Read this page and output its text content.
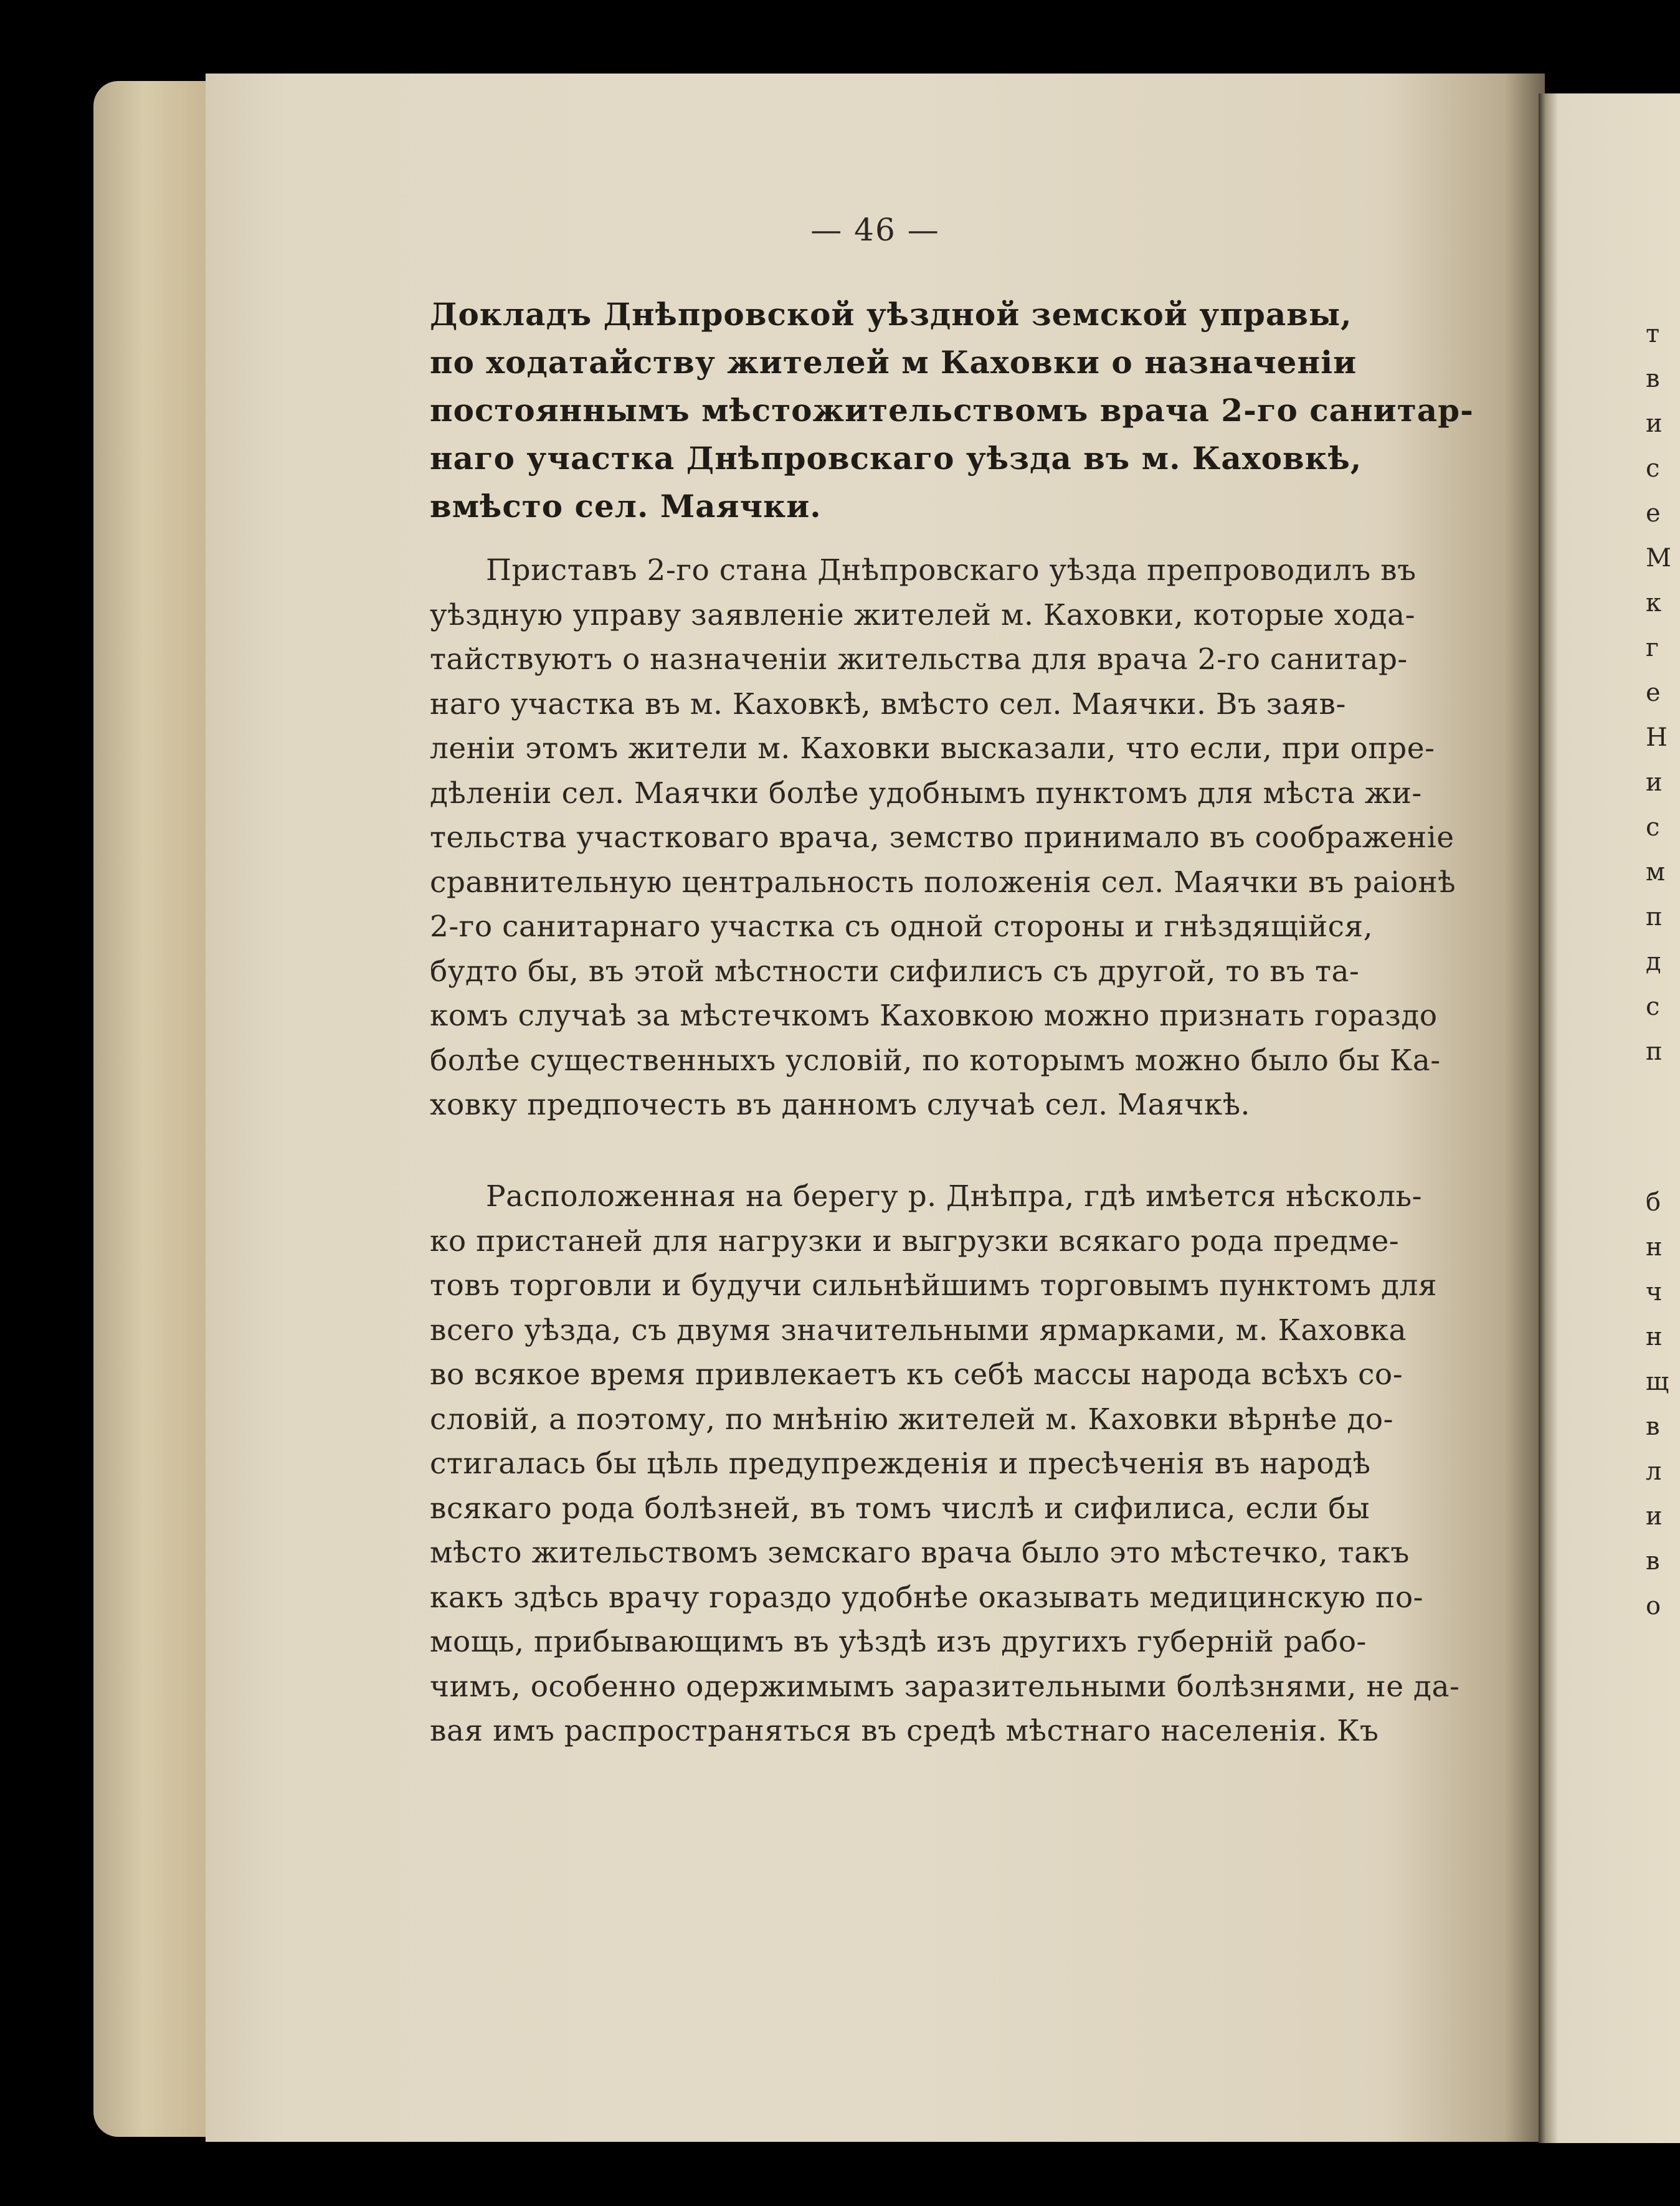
— 46 —
Докладъ Днѣпровской уѣздной земской управы,
по ходатайству жителей м Каховки о назначеніи
постояннымъ мѣстожительствомъ врача 2-го санитар-
наго участка Днѣпровскаго уѣзда въ м. Каховкѣ,
вмѣсто сел. Маячки.
Приставъ 2-го стана Днѣпровскаго уѣзда препроводилъ въ
уѣздную управу заявленіе жителей м. Каховки, которые хода-
тайствуютъ о назначеніи жительства для врача 2-го санитар-
наго участка въ м. Каховкѣ, вмѣсто сел. Маячки. Въ заяв-
леніи этомъ жители м. Каховки высказали, что если, при опре-
дѣленіи сел. Маячки болѣе удобнымъ пунктомъ для мѣста жи-
тельства участковаго врача, земство принимало въ соображеніе
сравнительную центральность положенія сел. Маячки въ раіонѣ
2-го санитарнаго участка съ одной стороны и гнѣздящійся,
будто бы, въ этой мѣстности сифилисъ съ другой, то въ та-
комъ случаѣ за мѣстечкомъ Каховкою можно признать гораздо
болѣе существенныхъ условій, по которымъ можно было бы Ка-
ховку предпочесть въ данномъ случаѣ сел. Маячкѣ.
Расположенная на берегу р. Днѣпра, гдѣ имѣется нѣсколь-
ко пристаней для нагрузки и выгрузки всякаго рода предме-
товъ торговли и будучи сильнѣйшимъ торговымъ пунктомъ для
всего уѣзда, съ двумя значительными ярмарками, м. Каховка
во всякое время привлекаетъ къ себѣ массы народа всѣхъ со-
словій, а поэтому, по мнѣнію жителей м. Каховки вѣрнѣе до-
стигалась бы цѣль предупрежденія и пресѣченія въ народѣ
всякаго рода болѣзней, въ томъ числѣ и сифилиса, если бы
мѣсто жительствомъ земскаго врача было это мѣстечко, такъ
какъ здѣсь врачу гораздо удобнѣе оказывать медицинскую по-
мощь, прибывающимъ въ уѣздѣ изъ другихъ губерній рабо-
чимъ, особенно одержимымъ заразительными болѣзнями, не да-
вая имъ распространяться въ средѣ мѣстнаго населенія. Къ
т
в
и
с
е
М
к
г
е
Н
и
с
м
п
д
с
п
б
н
ч
н
щ
в
л
и
в
о
